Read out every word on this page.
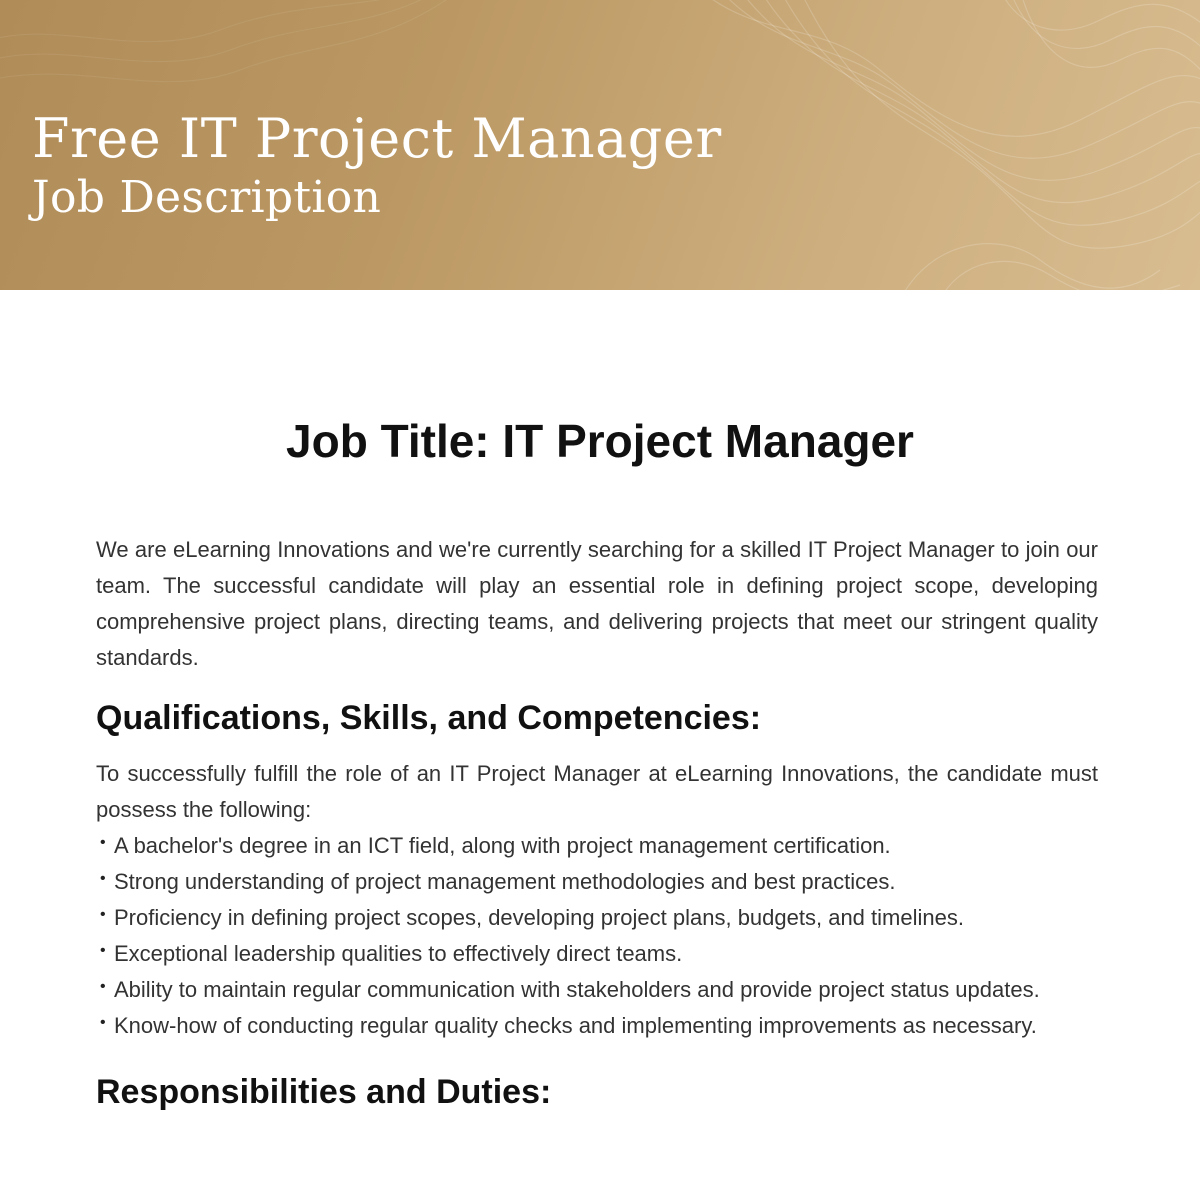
Free IT Project Manager
Job Description
Job Title: IT Project Manager

We are eLearning Innovations and we're currently searching for a skilled IT Project Manager to join our team. The successful candidate will play an essential role in defining project scope, developing comprehensive project plans, directing teams, and delivering projects that meet our stringent quality standards.

Qualifications, Skills, and Competencies:

To successfully fulfill the role of an IT Project Manager at eLearning Innovations, the candidate must possess the following:

• A bachelor's degree in an ICT field, along with project management certification.
• Strong understanding of project management methodologies and best practices.
• Proficiency in defining project scopes, developing project plans, budgets, and timelines.
• Exceptional leadership qualities to effectively direct teams.
• Ability to maintain regular communication with stakeholders and provide project status updates.
• Know-how of conducting regular quality checks and implementing improvements as necessary.
Responsibilities and Duties:
